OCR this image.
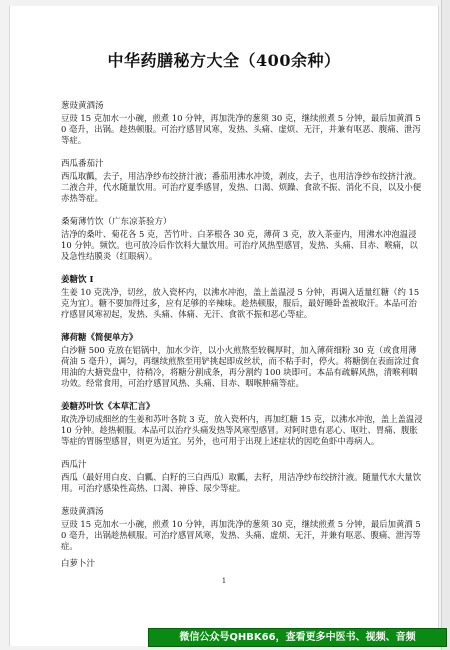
中华药膳秘方大全（400余种）
葱豉黄酒汤
豆豉 15 克加水一小碗，煎煮 10 分钟，再加洗净的葱须 30 克，继续煎煮 5 分钟，最后加黄酒 50 毫升，出锅。趁热顿服。可治疗感冒风寒，发热、头痛、虚烦、无汗，并兼有呕恶、腹痛、泄泻等症。
西瓜番茄汁
西瓜取瓤，去子，用洁净纱布绞挤汁液；番茄用沸水冲烫，剥皮，去子，也用洁净纱布绞挤汁液。二液合并，代水随量饮用。可治疗夏季感冒，发热、口渴、烦躁、食欲不振、消化不良，以及小便赤热等症。
桑菊薄竹饮（广东凉茶验方）
洁净的桑叶、菊花各 5 克，苦竹叶、白茅根各 30 克，薄荷 3 克，放入茶壶内，用沸水冲泡温浸 10 分钟。频饮。也可放冷后作饮料大量饮用。可治疗风热型感冒，发热、头痛、目赤、喉痛，以及急性结膜炎（红眼病）。
姜糖饮 I
生姜 10 克洗净，切丝，放入瓷杯内，以沸水冲泡，盖上盖温浸 5 分钟，再调入适量红糖（约 15 克为宜）。糖不要加得过多，应有足够的辛辣味。趁热顿服，服后，最好睡卧盖被取汗。本品可治疗感冒风寒初起，发热、头痛、体痛、无汗、食欲不振和恶心等症。
薄荷糖《简便单方》
白沙糖 500 克放在铝锅中，加水少许，以小火煎熬至较稠厚时，加入薄荷细粉 30 克（或食用薄荷油 5 毫升），调匀，再继续煎熬至用铲挑起即成丝状，而不粘手时，停火。将糖倒在表面涂过食用油的大搪瓷盘中，待稍冷，将糖分割成条，再分割约 100 块即可。本品有疏解风热，清喉利咽功效。经常食用，可治疗感冒风热、头痛、目赤、咽喉肿痛等症。
姜糖苏叶饮《本草汇言》
取洗净切成细丝的生姜和苏叶各院 3 克，放入瓷杯内，再加红糖 15 克，以沸水冲泡，盖上盖温浸 10 分钟。趁热顿服。本品可以治疗头痛发热等风寒型感冒。对阿时患有恶心、呕吐、胃痛、腹胀等症的胃肠型感冒，则更为适宜。另外，也可用于出现上述症状的因吃鱼虾中毒病人。
西瓜汁
西瓜（最好用白皮、白瓤、白籽的三白西瓜）取瓤，去籽，用洁净纱布绞挤汁液。随量代水大量饮用。可治疗感染性高热、口渴、神昏、尿少等症。
葱豉黄酒汤
豆豉 15 克加水一小碗，煎煮 10 分钟，再加洗净的葱须 30 克，继续煎煮 5 分钟，最后加黄酒 50 毫升，出锅趁热顿服。可治疗感冒风寒，发热、头痛、虚烦、无汗，并兼有呕恶、腹痛、泄泻等症。
1
白萝卜汁
微信公众号QHBK66，查看更多中医书、视频、音频
